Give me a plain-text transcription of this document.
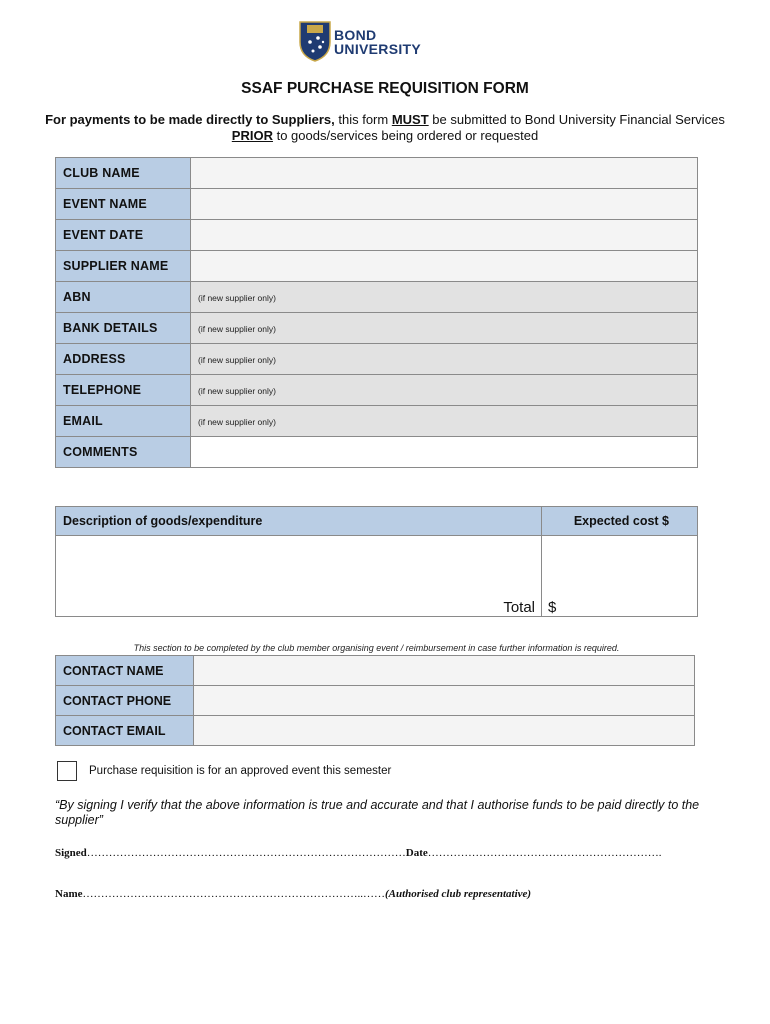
BOND
UNIVERSITY
SSAF PURCHASE REQUISITION FORM
For payments to be made directly to Suppliers, this form MUST be submitted to Bond University Financial Services PRIOR to goods/services being ordered or requested
CLUB NAME	
EVENT NAME	
EVENT DATE	
SUPPLIER NAME	
ABN	(if new supplier only)
BANK DETAILS	(if new supplier only)
ADDRESS	(if new supplier only)
TELEPHONE	(if new supplier only)
EMAIL	(if new supplier only)
COMMENTS	
Description of goods/expenditure	Expected cost $
Total	$
This section to be completed by the club member organising event / reimbursement in case further information is required.
CONTACT NAME	
CONTACT PHONE	
CONTACT EMAIL	
Purchase requisition is for an approved event this semester
“By signing I verify that the above information is true and accurate and that I authorise funds to be paid directly to the supplier”
Signed……………………………………………………………………………Date……………………………………………………….
Name…………………………………………………………………..……(Authorised club representative)
